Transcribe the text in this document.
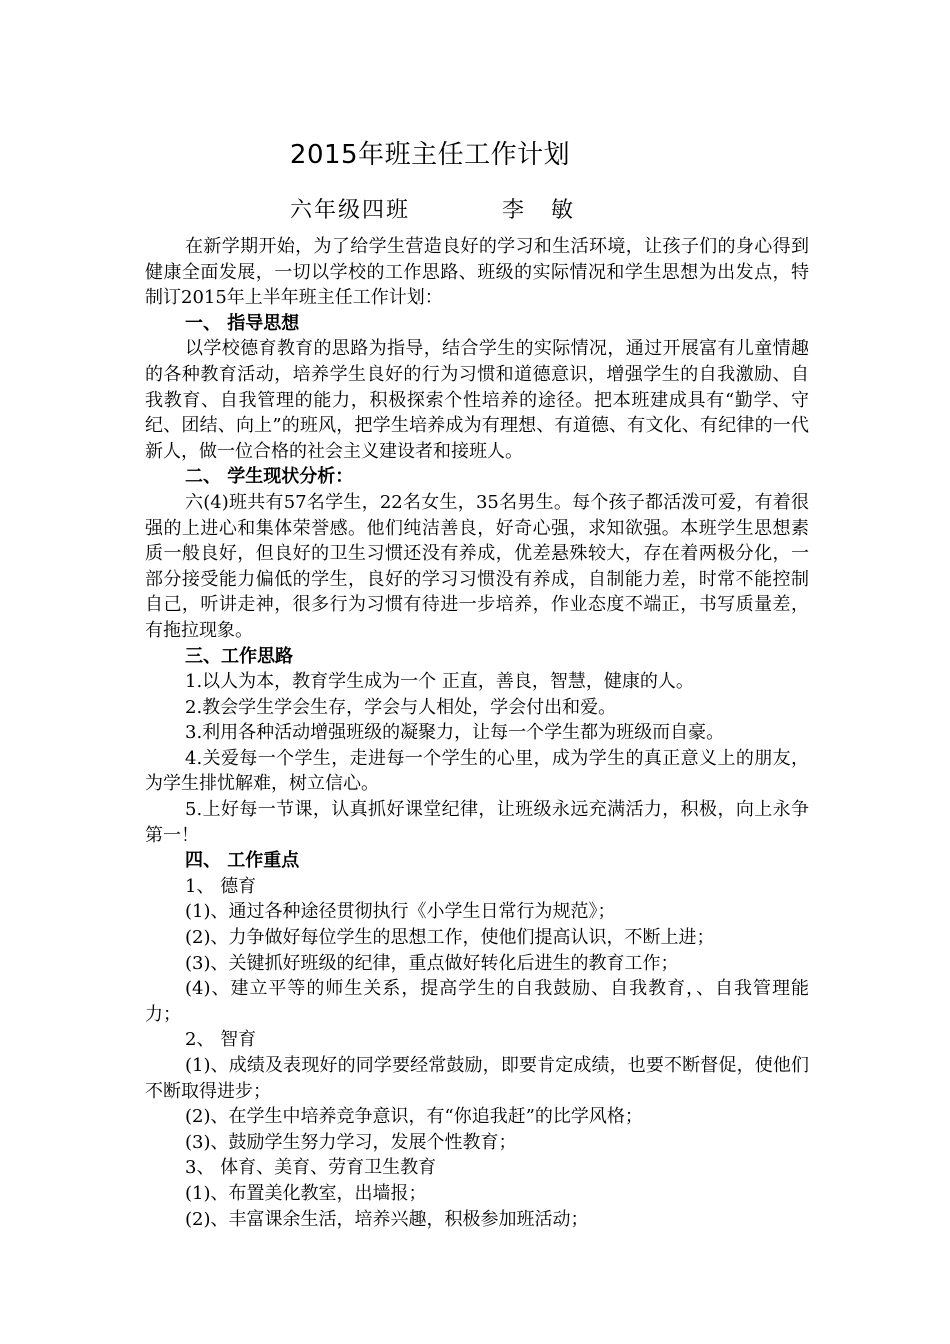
2015年班主任工作计划
六年级四班	李 敏

在新学期开始，为了给学生营造良好的学习和生活环境，让孩子们的身心得到健康全面发展，一切以学校的工作思路、班级的实际情况和学生思想为出发点，特制订2015年上半年班主任工作计划：

一、 指导思想

以学校德育教育的思路为指导，结合学生的实际情况，通过开展富有儿童情趣的各种教育活动，培养学生良好的行为习惯和道德意识，增强学生的自我激励、自我教育、自我管理的能力，积极探索个性培养的途径。把本班建成具有“勤学、守纪、团结、向上”的班风，把学生培养成为有理想、有道德、有文化、有纪律的一代新人，做一位合格的社会主义建设者和接班人。

二、 学生现状分析：

六(4)班共有57名学生，22名女生，35名男生。每个孩子都活泼可爱，有着很强的上进心和集体荣誉感。他们纯洁善良，好奇心强，求知欲强。本班学生思想素质一般良好，但良好的卫生习惯还没有养成，优差悬殊较大，存在着两极分化，一部分接受能力偏低的学生，良好的学习习惯没有养成，自制能力差，时常不能控制自己，听讲走神，很多行为习惯有待进一步培养，作业态度不端正，书写质量差，有拖拉现象。

三、工作思路

1.以人为本，教育学生成为一个 正直，善良，智慧，健康的人。

2.教会学生学会生存，学会与人相处，学会付出和爱。

3.利用各种活动增强班级的凝聚力，让每一个学生都为班级而自豪。

4.关爱每一个学生，走进每一个学生的心里，成为学生的真正意义上的朋友，为学生排忧解难，树立信心。

5.上好每一节课，认真抓好课堂纪律，让班级永远充满活力，积极，向上永争第一！

四、 工作重点

1、 德育

(1)、通过各种途径贯彻执行《小学生日常行为规范》；

(2)、力争做好每位学生的思想工作，使他们提高认识，不断上进；

(3)、关键抓好班级的纪律，重点做好转化后进生的教育工作；

(4)、建立平等的师生关系，提高学生的自我鼓励、自我教育，、自我管理能力；

2、 智育

(1)、成绩及表现好的同学要经常鼓励，即要肯定成绩，也要不断督促，使他们不断取得进步；

(2)、在学生中培养竞争意识，有“你追我赶”的比学风格；

(3)、鼓励学生努力学习，发展个性教育；

3、 体育、美育、劳育卫生教育

(1)、布置美化教室，出墙报；

(2)、丰富课余生活，培养兴趣，积极参加班活动；
